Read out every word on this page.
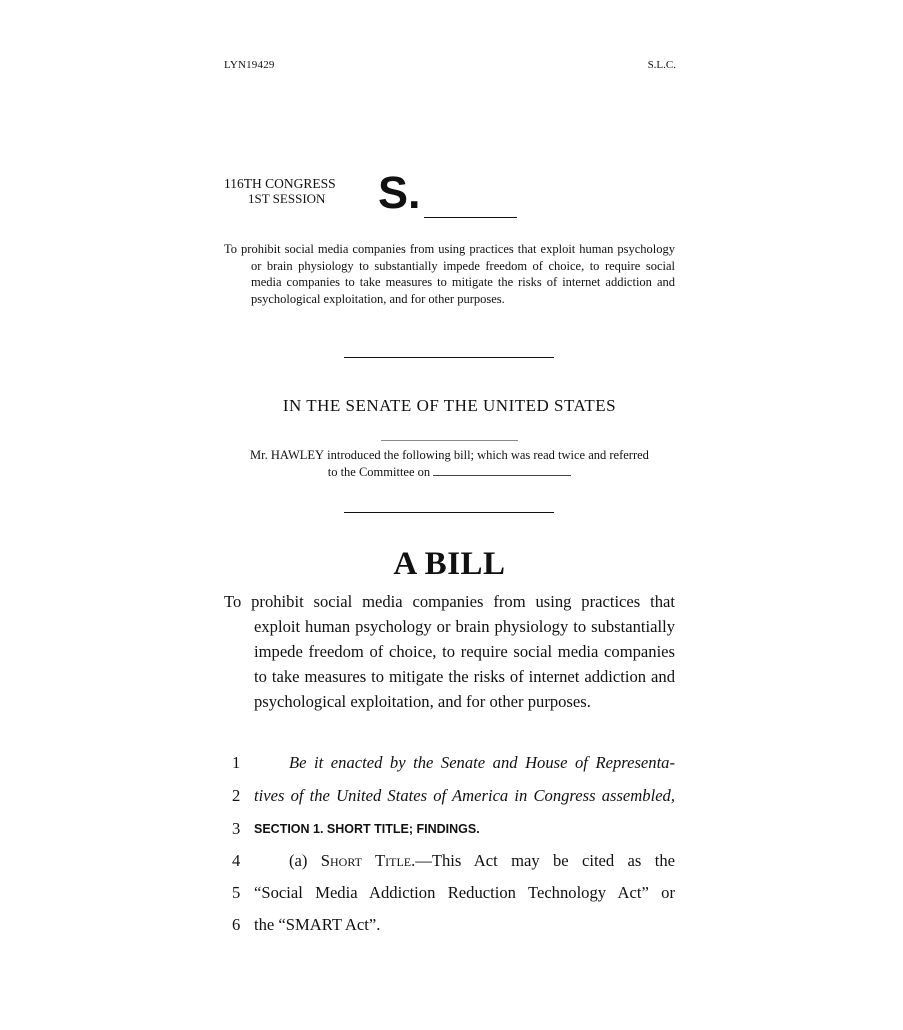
LYN19429	S.L.C.
116TH CONGRESS
1ST SESSION S.
To prohibit social media companies from using practices that exploit human psychology or brain physiology to substantially impede freedom of choice, to require social media companies to take measures to mitigate the risks of internet addiction and psychological exploitation, and for other purposes.
IN THE SENATE OF THE UNITED STATES
Mr. HAWLEY introduced the following bill; which was read twice and referred
to the Committee on
A BILL
To prohibit social media companies from using practices that exploit human psychology or brain physiology to substantially impede freedom of choice, to require social media companies to take measures to mitigate the risks of internet addiction and psychological exploitation, and for other purposes.
1	Be it enacted by the Senate and House of Representa-
2 tives of the United States of America in Congress assembled,
3	SECTION 1. SHORT TITLE; FINDINGS.
4	(a) Short Title.—This Act may be cited as the
5 “Social Media Addiction Reduction Technology Act” or
6 the “SMART Act”.
